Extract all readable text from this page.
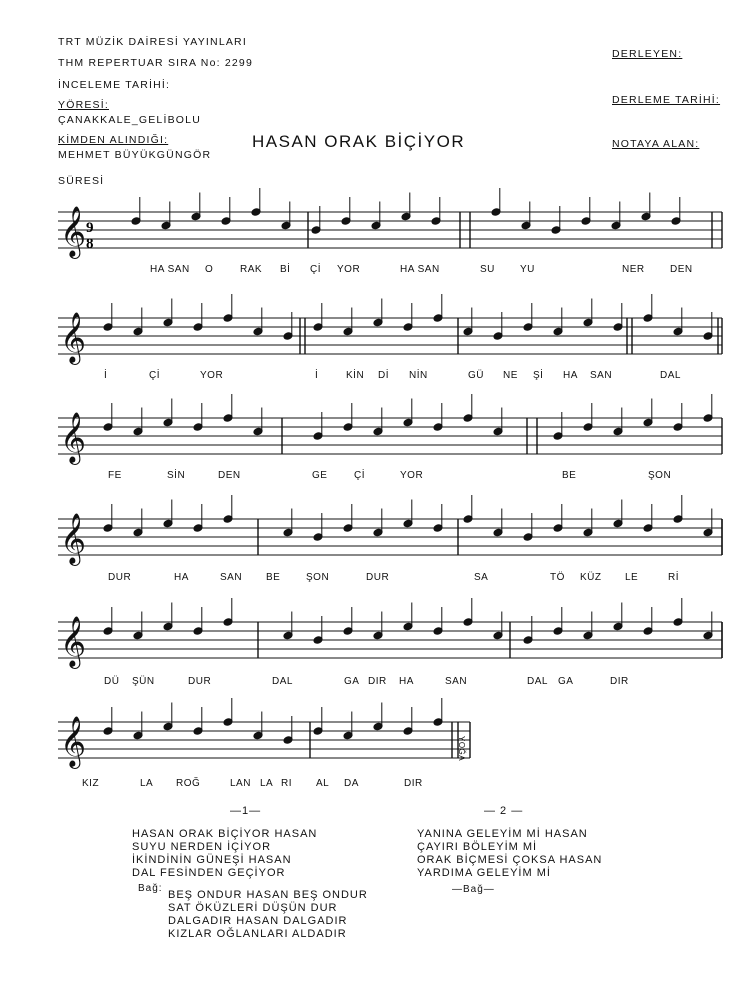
TRT MÜZİK DAİRESİ YAYINLARI
THM REPERTUAR SIRA No: 2299
İNCELEME TARİHİ:
YÖRESİ:
ÇANAKKALE_GELİBOLU
KİMDEN ALINDIĞI:
MEHMET BÜYÜKGÜNGÖR
SÜRESİ
DERLEYEN:
DERLEME TARİHİ:
NOTAYA ALAN:
HASAN ORAK BİÇİYOR
𝄞
𝄞
𝄞
𝄞
𝄞
𝄞
9
8
HA SAN O	RAK Bİ Çİ YOR	HA SAN	SU	YU	NER	DEN
İ	Çİ	YOR	İ	KİN Dİ NİN	GÜ NE Şİ HA SAN	DAL
FE	SİN	DEN	GE	Çİ	YOR	BE	ŞON
DUR	HA	SAN BE	ŞON	DUR	SA	TÖ KÜZ LE	Rİ
DÜ ŞÜN	DUR	DAL	GA DIR HA	SAN	DAL GA	DIR
KIZ	LA ROĞ	LAN LA RI AL DA	DIR
YOĞA
—1—
HASAN ORAK BİÇİYOR HASAN
SUYU NERDEN İÇİYOR
İKİNDİNİN GÜNEŞİ HASAN
DAL FESİNDEN GEÇİYOR
— 2 —
YANINA GELEYİM Mİ HASAN
ÇAYIRI BÖLEYİM Mİ
ORAK BİÇMESİ ÇOKSA HASAN
YARDIMA GELEYİM Mİ
—Bağ—
Bağ:
BEŞ ONDUR HASAN BEŞ ONDUR
SAT ÖKÜZLERİ DÜŞÜN DUR
DALGADIR HASAN DALGADIR
KIZLAR OĞLANLARI ALDADIR
